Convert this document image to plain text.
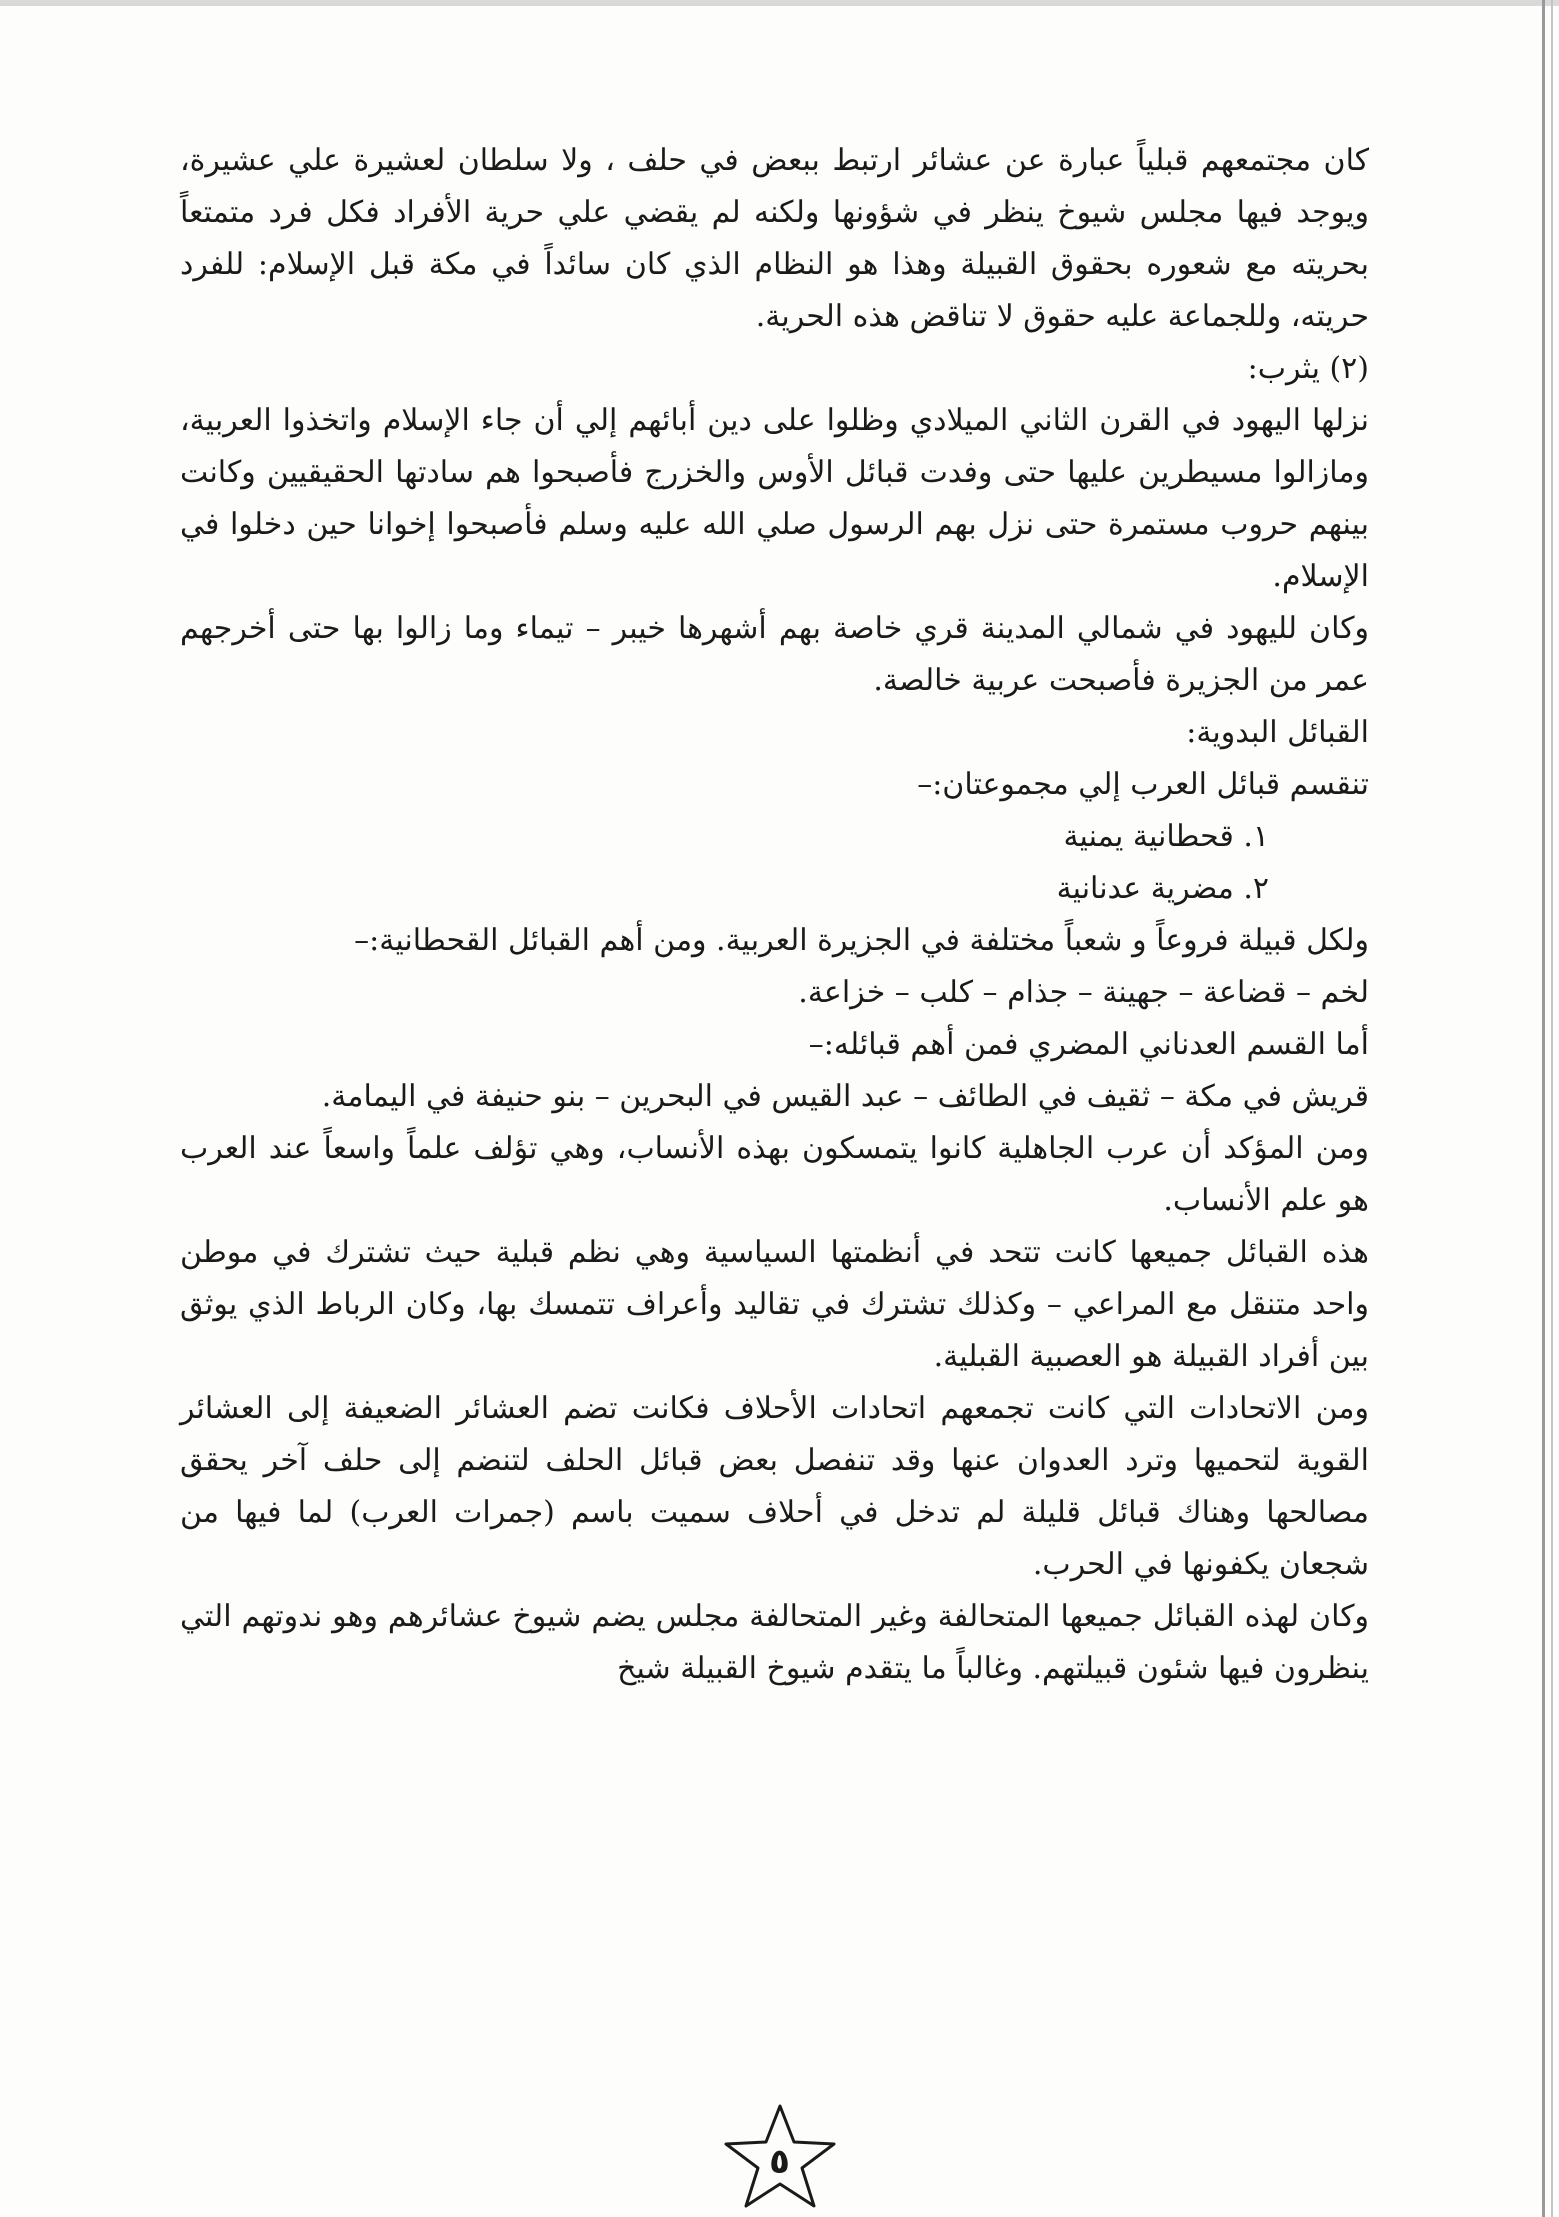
كان مجتمعهم قبلياً عبارة عن عشائر ارتبط ببعض في حلف ، ولا سلطان لعشيرة علي عشيرة، ويوجد فيها مجلس شيوخ ينظر في شؤونها ولكنه لم يقضي علي حرية الأفراد فكل فرد متمتعاً بحريته مع شعوره بحقوق القبيلة وهذا هو النظام الذي كان سائداً في مكة قبل الإسلام: للفرد حريته، وللجماعة عليه حقوق لا تناقض هذه الحرية.

(٢) يثرب:

نزلها اليهود في القرن الثاني الميلادي وظلوا على دين أبائهم إلي أن جاء الإسلام واتخذوا العربية، ومازالوا مسيطرين عليها حتى وفدت قبائل الأوس والخزرج فأصبحوا هم سادتها الحقيقيين وكانت بينهم حروب مستمرة حتى نزل بهم الرسول صلي الله عليه وسلم فأصبحوا إخوانا حين دخلوا في الإسلام.

وكان لليهود في شمالي المدينة قري خاصة بهم أشهرها خيبر – تيماء وما زالوا بها حتى أخرجهم عمر من الجزيرة فأصبحت عربية خالصة.

القبائل البدوية:

تنقسم قبائل العرب إلي مجموعتان:–

١. قحطانية يمنية

٢. مضرية عدنانية

ولكل قبيلة فروعاً و شعباً مختلفة في الجزيرة العربية. ومن أهم القبائل القحطانية:–

لخم – قضاعة – جهينة – جذام – كلب – خزاعة.

أما القسم العدناني المضري فمن أهم قبائله:–

قريش في مكة – ثقيف في الطائف – عبد القيس في البحرين – بنو حنيفة في اليمامة.

ومن المؤكد أن عرب الجاهلية كانوا يتمسكون بهذه الأنساب، وهي تؤلف علماً واسعاً عند العرب هو علم الأنساب.

هذه القبائل جميعها كانت تتحد في أنظمتها السياسية وهي نظم قبلية حيث تشترك في موطن واحد متنقل مع المراعي – وكذلك تشترك في تقاليد وأعراف تتمسك بها، وكان الرباط الذي يوثق بين أفراد القبيلة هو العصبية القبلية.

ومن الاتحادات التي كانت تجمعهم اتحادات الأحلاف فكانت تضم العشائر الضعيفة إلى العشائر القوية لتحميها وترد العدوان عنها وقد تنفصل بعض قبائل الحلف لتنضم إلى حلف آخر يحقق مصالحها وهناك قبائل قليلة لم تدخل في أحلاف سميت باسم (جمرات العرب) لما فيها من شجعان يكفونها في الحرب.

وكان لهذه القبائل جميعها المتحالفة وغير المتحالفة مجلس يضم شيوخ عشائرهم وهو ندوتهم التي ينظرون فيها شئون قبيلتهم. وغالباً ما يتقدم شيوخ القبيلة شيخ

٥
